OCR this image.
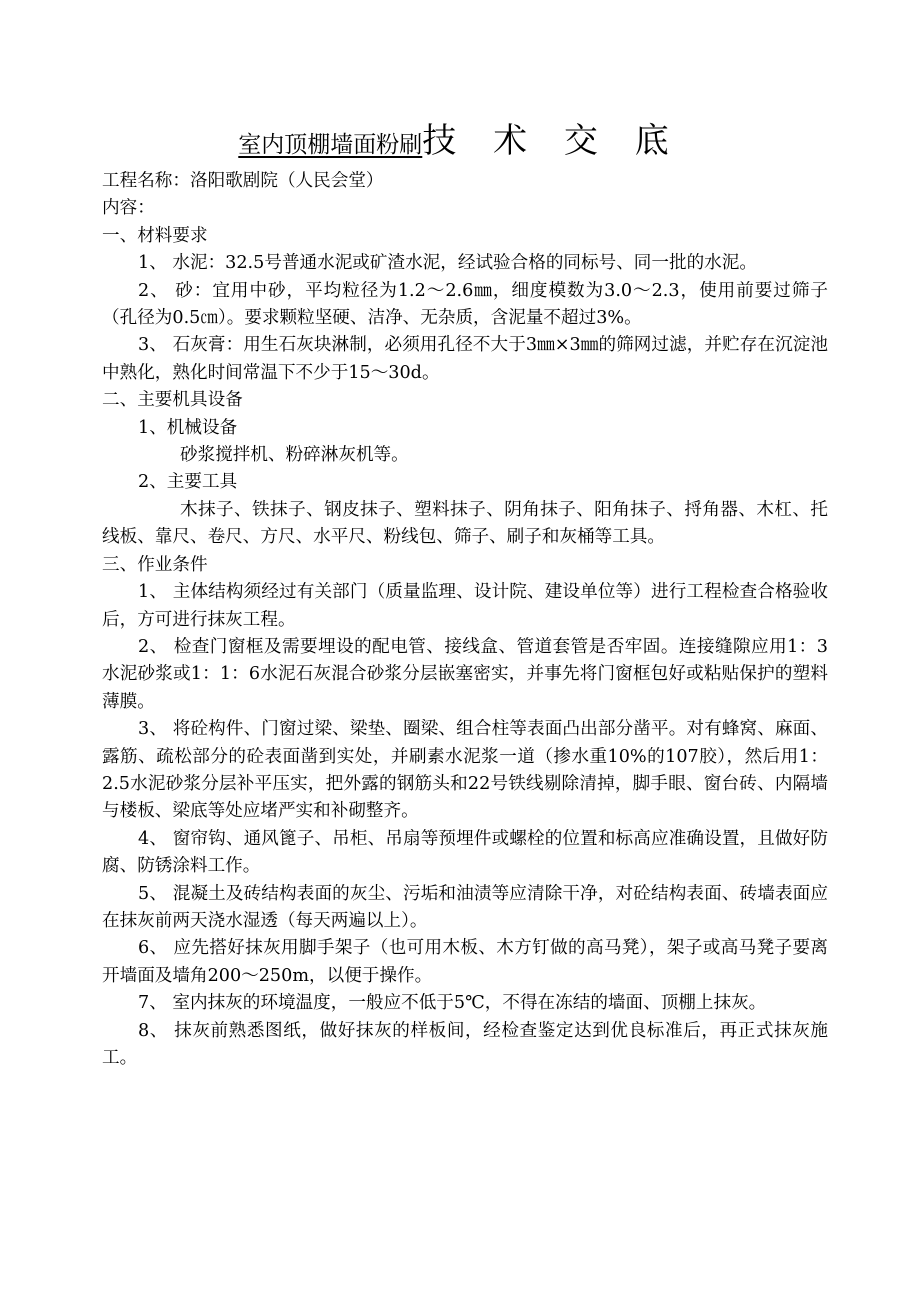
室内顶棚墙面粉刷技 术 交 底

工程名称：洛阳歌剧院（人民会堂）

内容：

一、材料要求

1、 水泥：32.5号普通水泥或矿渣水泥，经试验合格的同标号、同一批的水泥。

2、 砂：宜用中砂，平均粒径为1.2～2.6㎜，细度模数为3.0～2.3，使用前要过筛子（孔径为0.5㎝）。要求颗粒坚硬、洁净、无杂质，含泥量不超过3%。

3、 石灰膏：用生石灰块淋制，必须用孔径不大于3㎜×3㎜的筛网过滤，并贮存在沉淀池中熟化，熟化时间常温下不少于15～30d。

二、主要机具设备

1、机械设备

砂浆搅拌机、粉碎淋灰机等。

2、主要工具

木抹子、铁抹子、钢皮抹子、塑料抹子、阴角抹子、阳角抹子、捋角器、木杠、托线板、靠尺、卷尺、方尺、水平尺、粉线包、筛子、刷子和灰桶等工具。

三、作业条件

1、 主体结构须经过有关部门（质量监理、设计院、建设单位等）进行工程检查合格验收后，方可进行抹灰工程。

2、 检查门窗框及需要埋设的配电管、接线盒、管道套管是否牢固。连接缝隙应用1：3水泥砂浆或1：1：6水泥石灰混合砂浆分层嵌塞密实，并事先将门窗框包好或粘贴保护的塑料薄膜。

3、 将砼构件、门窗过梁、梁垫、圈梁、组合柱等表面凸出部分凿平。对有蜂窝、麻面、露筋、疏松部分的砼表面凿到实处，并刷素水泥浆一道（掺水重10%的107胶），然后用1：2.5水泥砂浆分层补平压实，把外露的钢筋头和22号铁线剔除清掉，脚手眼、窗台砖、内隔墙与楼板、梁底等处应堵严实和补砌整齐。

4、 窗帘钩、通风篦子、吊柜、吊扇等预埋件或螺栓的位置和标高应准确设置，且做好防腐、防锈涂料工作。

5、 混凝土及砖结构表面的灰尘、污垢和油渍等应清除干净，对砼结构表面、砖墙表面应在抹灰前两天浇水湿透（每天两遍以上）。

6、 应先搭好抹灰用脚手架子（也可用木板、木方钉做的高马凳），架子或高马凳子要离开墙面及墙角200～250m，以便于操作。

7、 室内抹灰的环境温度，一般应不低于5℃，不得在冻结的墙面、顶棚上抹灰。

8、 抹灰前熟悉图纸，做好抹灰的样板间，经检查鉴定达到优良标准后，再正式抹灰施工。
